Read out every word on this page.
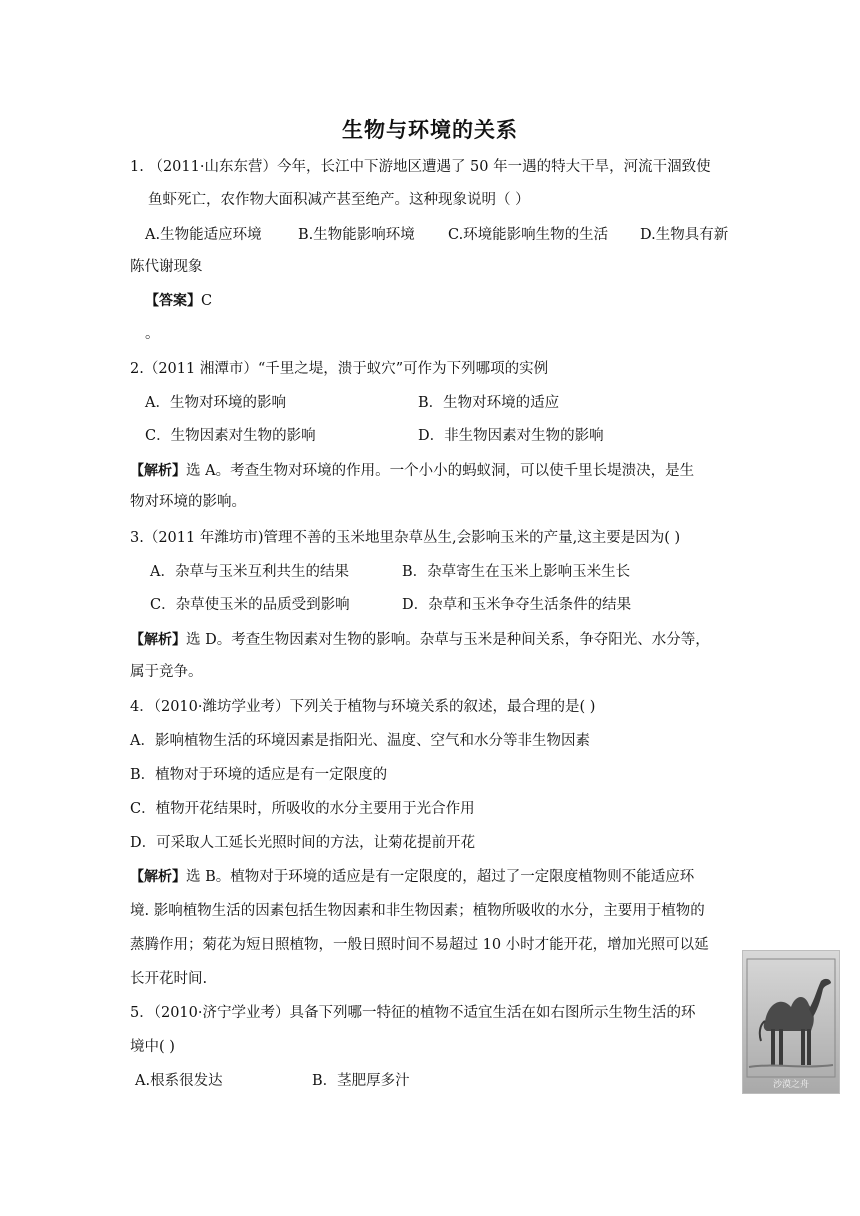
生物与环境的关系
1. （2011·山东东营）今年，长江中下游地区遭遇了 50 年一遇的特大干旱，河流干涸致使
鱼虾死亡，农作物大面积减产甚至绝产。这种现象说明（ ）
A.生物能适应环境	B.生物能影响环境 C.环境能影响生物的生活 D.生物具有新
陈代谢现象
【答案】C
。
2.（2011 湘潭市）“千里之堤，溃于蚁穴”可作为下列哪项的实例
A．生物对环境的影响	B．生物对环境的适应
C．生物因素对生物的影响	D．非生物因素对生物的影响
【解析】选 A。考查生物对环境的作用。一个小小的蚂蚁洞，可以使千里长堤溃决，是生
物对环境的影响。
3.（2011 年潍坊市)管理不善的玉米地里杂草丛生,会影响玉米的产量,这主要是因为( )
A．杂草与玉米互利共生的结果	B．杂草寄生在玉米上影响玉米生长
C．杂草使玉米的品质受到影响	D．杂草和玉米争夺生活条件的结果
【解析】选 D。考查生物因素对生物的影响。杂草与玉米是种间关系，争夺阳光、水分等，
属于竞争。
4．（2010·潍坊学业考）下列关于植物与环境关系的叙述，最合理的是( )
A．影响植物生活的环境因素是指阳光、温度、空气和水分等非生物因素
B．植物对于环境的适应是有一定限度的
C．植物开花结果时，所吸收的水分主要用于光合作用
D．可采取人工延长光照时间的方法，让菊花提前开花
【解析】选 B。植物对于环境的适应是有一定限度的，超过了一定限度植物则不能适应环
境. 影响植物生活的因素包括生物因素和非生物因素；植物所吸收的水分，主要用于植物的
蒸腾作用；菊花为短日照植物，一般日照时间不易超过 10 小时才能开花，增加光照可以延
长开花时间.
5．（2010·济宁学业考）具备下列哪一特征的植物不适宜生活在如右图所示生物生活的环
境中( )
A.根系很发达	B．茎肥厚多汁	沙漠之舟
